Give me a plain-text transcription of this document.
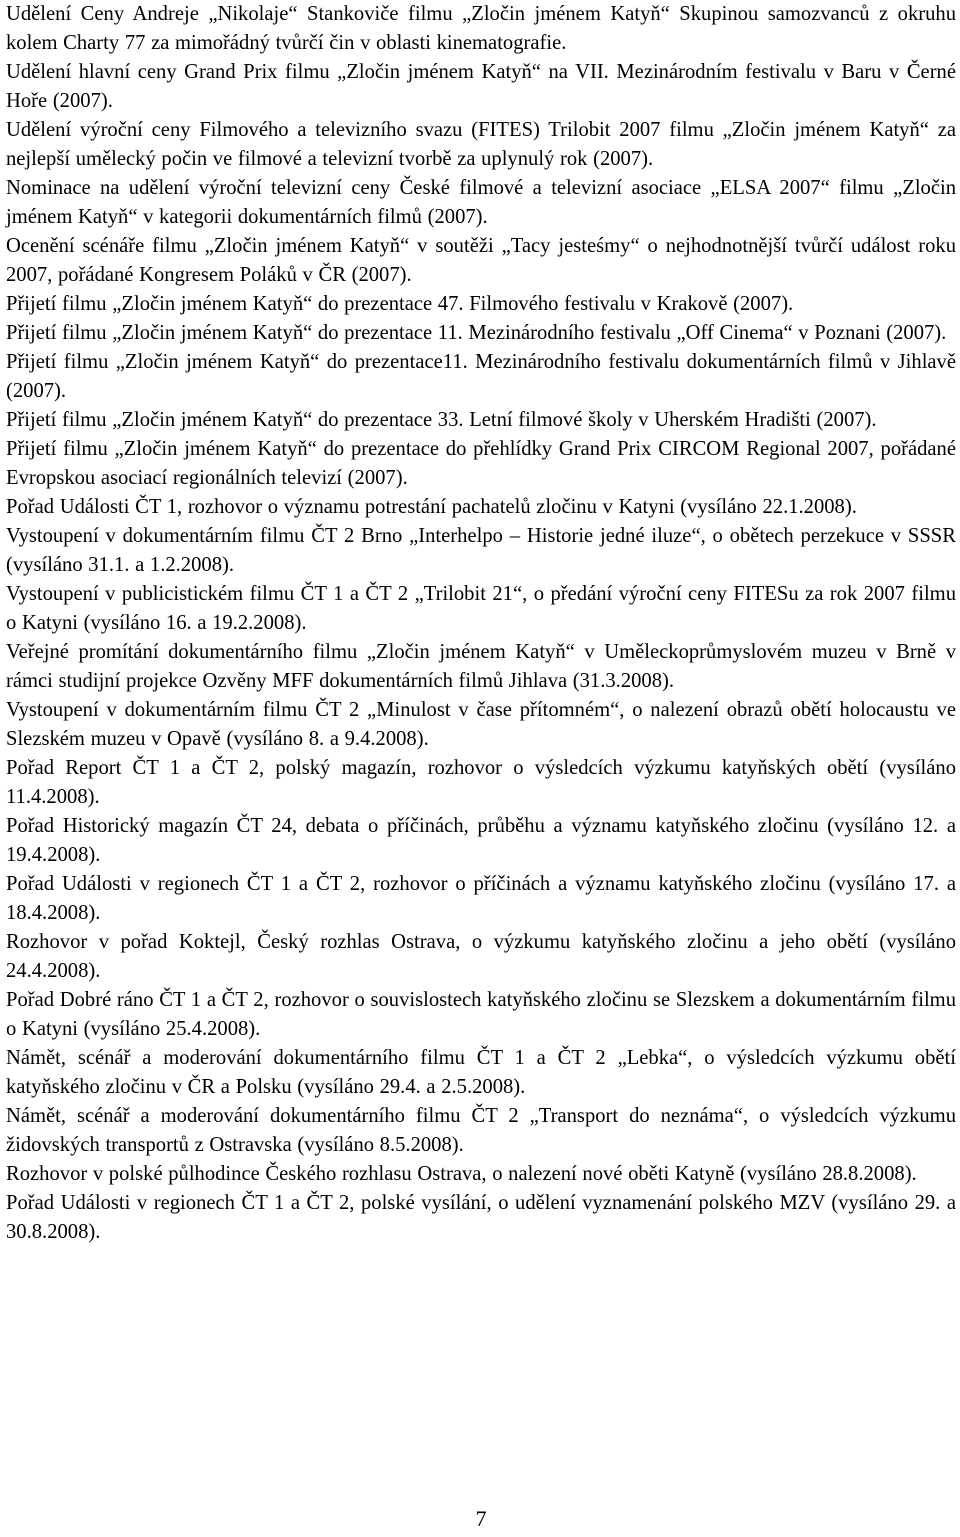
Udělení Ceny Andreje „Nikolaje“ Stankoviče filmu „Zločin jménem Katyň“ Skupinou samozvanců z okruhu kolem Charty 77 za mimořádný tvůrčí čin v oblasti kinematografie.

Udělení hlavní ceny Grand Prix filmu „Zločin jménem Katyň“ na VII. Mezinárodním festivalu v Baru v Černé Hoře (2007).

Udělení výroční ceny Filmového a televizního svazu (FITES) Trilobit 2007 filmu „Zločin jménem Katyň“ za nejlepší umělecký počin ve filmové a televizní tvorbě za uplynulý rok (2007).

Nominace na udělení výroční televizní ceny České filmové a televizní asociace „ELSA 2007“ filmu „Zločin jménem Katyň“ v kategorii dokumentárních filmů (2007).

Ocenění scénáře filmu „Zločin jménem Katyň“ v soutěži „Tacy jesteśmy“ o nejhodnotnější tvůrčí událost roku 2007, pořádané Kongresem Poláků v ČR (2007).

Přijetí filmu „Zločin jménem Katyň“ do prezentace 47. Filmového festivalu v Krakově (2007).

Přijetí filmu „Zločin jménem Katyň“ do prezentace 11. Mezinárodního festivalu „Off Cinema“ v Poznani (2007).

Přijetí filmu „Zločin jménem Katyň“ do prezentace11. Mezinárodního festivalu dokumentárních filmů v Jihlavě (2007).

Přijetí filmu „Zločin jménem Katyň“ do prezentace 33. Letní filmové školy v Uherském Hradišti (2007).

Přijetí filmu „Zločin jménem Katyň“ do prezentace do přehlídky Grand Prix CIRCOM Regional 2007, pořádané Evropskou asociací regionálních televizí (2007).

Pořad Události ČT 1, rozhovor o významu potrestání pachatelů zločinu v Katyni (vysíláno 22.1.2008).

Vystoupení v dokumentárním filmu ČT 2 Brno „Interhelpo – Historie jedné iluze“, o obětech perzekuce v SSSR (vysíláno 31.1. a 1.2.2008).

Vystoupení v publicistickém filmu ČT 1 a ČT 2 „Trilobit 21“, o předání výroční ceny FITESu za rok 2007 filmu o Katyni (vysíláno 16. a 19.2.2008).

Veřejné promítání dokumentárního filmu „Zločin jménem Katyň“ v Uměleckoprůmyslovém muzeu v Brně v rámci studijní projekce Ozvěny MFF dokumentárních filmů Jihlava (31.3.2008).

Vystoupení v dokumentárním filmu ČT 2 „Minulost v čase přítomném“, o nalezení obrazů obětí holocaustu ve Slezském muzeu v Opavě (vysíláno 8. a 9.4.2008).

Pořad Report ČT 1 a ČT 2, polský magazín, rozhovor o výsledcích výzkumu katyňských obětí (vysíláno 11.4.2008).

Pořad Historický magazín ČT 24, debata o příčinách, průběhu a významu katyňského zločinu (vysíláno 12. a 19.4.2008).

Pořad Události v regionech ČT 1 a ČT 2, rozhovor o příčinách a významu katyňského zločinu (vysíláno 17. a 18.4.2008).

Rozhovor v pořad Koktejl, Český rozhlas Ostrava, o výzkumu katyňského zločinu a jeho obětí (vysíláno 24.4.2008).

Pořad Dobré ráno ČT 1 a ČT 2, rozhovor o souvislostech katyňského zločinu se Slezskem a dokumentárním filmu o Katyni (vysíláno 25.4.2008).

Námět, scénář a moderování dokumentárního filmu ČT 1 a ČT 2 „Lebka“, o výsledcích výzkumu obětí katyňského zločinu v ČR a Polsku (vysíláno 29.4. a 2.5.2008).

Námět, scénář a moderování dokumentárního filmu ČT 2 „Transport do neznáma“, o výsledcích výzkumu židovských transportů z Ostravska (vysíláno 8.5.2008).

Rozhovor v polské půlhodince Českého rozhlasu Ostrava, o nalezení nové oběti Katyně (vysíláno 28.8.2008).

Pořad Události v regionech ČT 1 a ČT 2, polské vysílání, o udělení vyznamenání polského MZV (vysíláno 29. a 30.8.2008).

7
